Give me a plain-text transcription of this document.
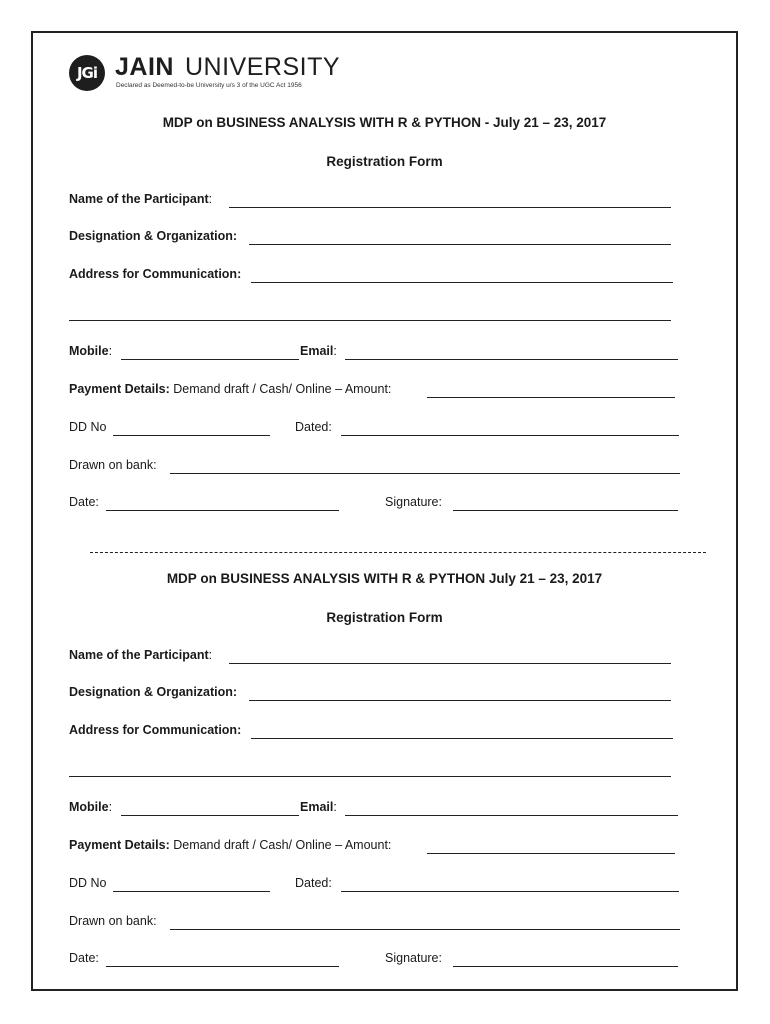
JGi JAIN UNIVERSITY
Declared as Deemed-to-be University u/s 3 of the UGC Act 1956
MDP on BUSINESS ANALYSIS WITH R & PYTHON - July 21 – 23, 2017
Registration Form
Name of the Participant:
Designation & Organization:
Address for Communication:
Mobile:	Email:
Payment Details: Demand draft / Cash/ Online – Amount:
DD No	Dated:
Drawn on bank:
Date:	Signature:
MDP on BUSINESS ANALYSIS WITH R & PYTHON July 21 – 23, 2017
Registration Form
Name of the Participant:
Designation & Organization:
Address for Communication:
Mobile:	Email:
Payment Details: Demand draft / Cash/ Online – Amount:
DD No	Dated:
Drawn on bank:
Date:	Signature:
